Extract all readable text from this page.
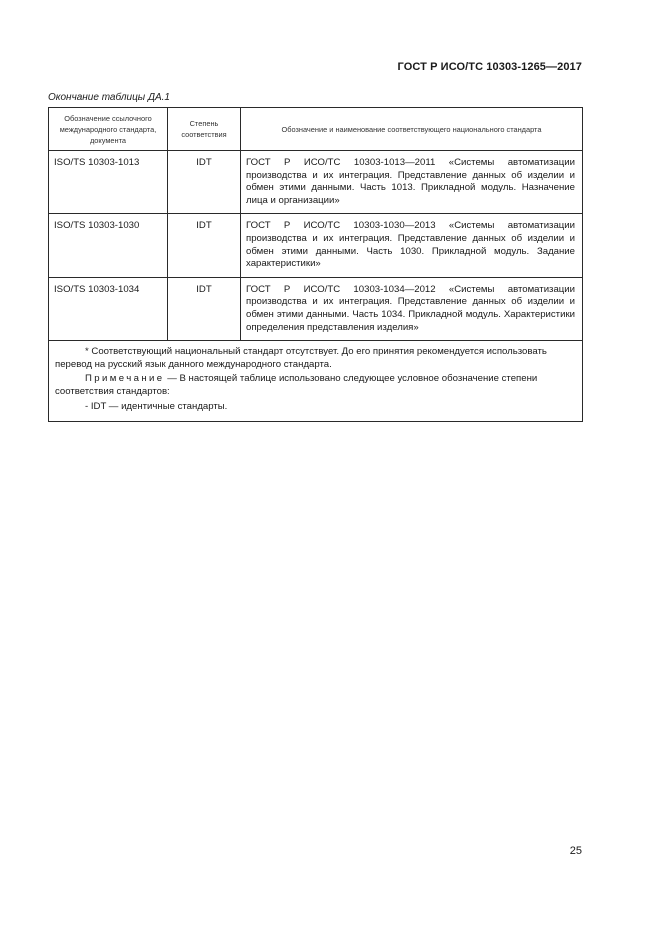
ГОСТ Р ИСО/ТС 10303-1265—2017
Окончание таблицы ДА.1
Обозначение ссылочного международного стандарта, документа	Степень соответствия	Обозначение и наименование соответствующего национального стандарта
ISO/TS 10303-1013	IDT	ГОСТ Р ИСО/ТС 10303-1013—2011 «Системы автоматизации производства и их интеграция. Представление данных об изделии и обмен этими данными. Часть 1013. Прикладной модуль. Назначение лица и организации»
ISO/TS 10303-1030	IDT	ГОСТ Р ИСО/ТС 10303-1030—2013 «Системы автоматизации производства и их интеграция. Представление данных об изделии и обмен этими данными. Часть 1030. Прикладной модуль. Задание характеристики»
ISO/TS 10303-1034	IDT	ГОСТ Р ИСО/ТС 10303-1034—2012 «Системы автоматизации производства и их интеграция. Представление данных об изделии и обмен этими данными. Часть 1034. Прикладной модуль. Характеристики определения представления изделия»

* Соответствующий национальный стандарт отсутствует. До его принятия рекомендуется использовать перевод на русский язык данного международного стандарта.

Примечание — В настоящей таблице использовано следующее условное обозначение степени соответствия стандартов:

- IDT — идентичные стандарты.		

25
